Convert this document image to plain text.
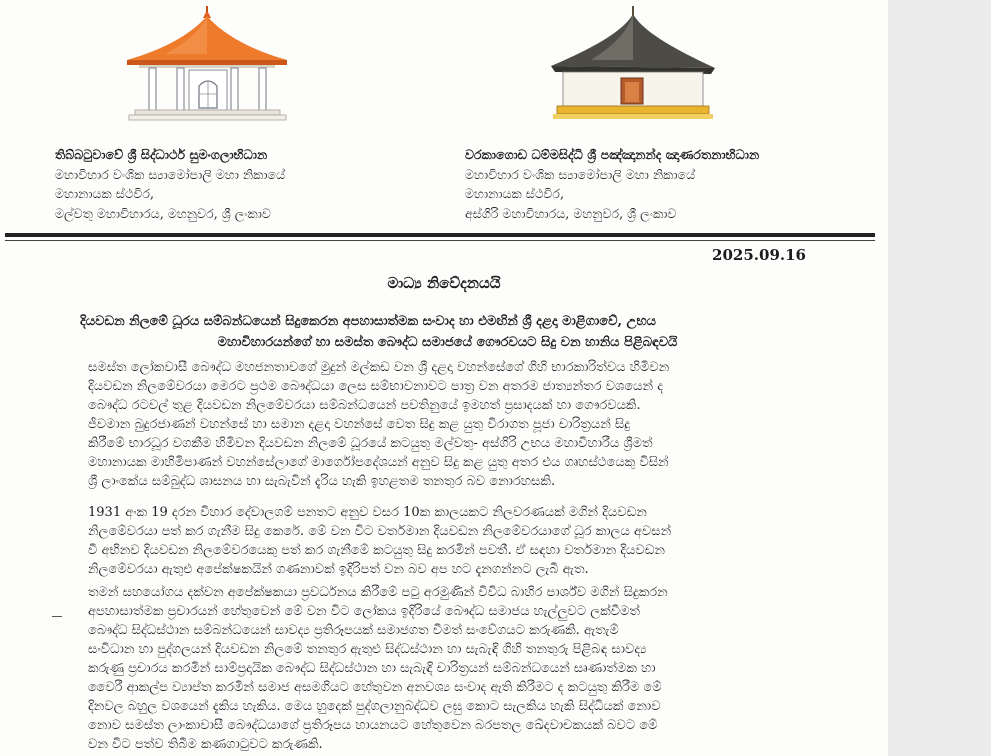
තිබ්බටුවාවේ ශ්‍රී සිද්ධාර්ථ සුමංගලාභිධාන
මහාවිහාර වංශික ස්‍යාමෝපාලි මහා නිකායේ
මහානායක ස්ථවිර,
මල්වතු මහාවිහාරය, මහනුවර, ශ්‍රී ලංකාව
වරකාගොඩ ධම්මසිද්ධි ශ්‍රී පඤ්ඤානන්ද ඤාණරතනාභිධාන
මහාවිහාර වංශික ස්‍යාමෝපාලි මහා නිකායේ
මහානායක ස්ථවිර,
අස්ගිරි මහාවිහාරය, මහනුවර, ශ්‍රී ලංකාව
2025.09.16
මාධ්‍ය නිවේදනයයි
දියවඩන නිලමේ ධූරය සම්බන්ධයෙන් සිදුකෙරන අපහාසාත්මක සංවාද හා එමඟින් ශ්‍රී දළදා මාළිගාවේ, උභය
මහාවිහාරයන්ගේ හා සමස්ත බෞද්ධ සමාජයේ ගෞරවයට සිදු වන හානිය පිළිබඳවයි
සමස්ත ලෝකවාසී බෞද්ධ මහජනතාවගේ මුදුන් මල්කඩ වන ශ්‍රී දළදා වහන්සේගේ ගිහි භාරකාරිත්වය හිමිවන
දියවඩන නිලමේවරයා මෙරට ප්‍රථම බෞද්ධයා ලෙස සම්භාවනාවට පාත්‍ර වන අතරම ජාත්‍යන්තර වශයෙන් ද
බෞද්ධ රටවල් තුළ දියවඩන නිලමේවරයා සම්බන්ධයෙන් පවතිනුයේ ඉමහත් ප්‍රසාදයක් හා ගෞරවයකි.
ජීවමාන බුදුරජාණන් වහන්සේ හා සමාන දළදා වහන්සේ වෙත සිදු කළ යුතු විරාගත පූජා චාරිත්‍රයන් සිදු
කිරීමේ භාරධූර වගකීම හිමිවන දියවඩන නිලමේ ධූරයේ කටයුතු මල්වතු- අස්ගිරි උභය මහාවිහාරීය ශ්‍රීමත්
මහානායක මාහිමිපාණන් වහන්සේලාගේ මාර්ගෝපදේශයන් අනුව සිදු කළ යුතු අතර එය ගෘහස්ථයෙකු විසින්
ශ්‍රී ලාංකේය සම්බුද්ධ ශාසනය හා සැබැවින් දැරිය හැකි ඉහළතම තනතුර බව නොරහසකි.
1931 අංක 19 දරන විහාර දේවාලගම් පනතට අනුව වසර 10ක කාලයකට නිලවරණයක් මගින් දියවඩන
නිලමේවරයා පත් කර ගැනීම සිදු කෙරේ. මේ වන විට වර්තමාන දියවඩන නිලමේවරයාගේ ධූර කාලය අවසන්
වී අභිනව දියවඩන නිලමේවරයෙකු පත් කර ගැනීමේ කටයුතු සිදු කරමින් පවතී. ඒ සඳහා වර්තමාන දියවඩන
නිලමේවරයා ඇතුළු අපේක්ෂකයින් ගණනාවක් ඉදිරිපත් වන බව අප හට දැනගන්නට ලැබී ඇත.
තමන් සහයෝගය දක්වන අපේක්ෂකයා ප්‍රවර්ධනය කිරීමේ පටු අරමුණින් විවිධ බාහිර පාර්ශ්ව මගින් සිදුකරන
අපහාසාත්මක ප්‍රචාරයන් හේතුවෙන් මේ වන විට ලෝකය ඉදිරියේ බෞද්ධ සමාජය හැල්ලුවට ලක්වීමත්
බෞද්ධ සිද්ධස්ථාන සම්බන්ධයෙන් සාවද්‍ය ප්‍රතිරූපයක් සමාජගත වීමත් සංවේගයට කරුණකි. ඇතැම්
සංවිධාන හා පුද්ගලයන් දියවඩන නිලමේ තනතුර ඇතුළු සිද්ධස්ථාන හා සැබැඳි ගිහි තනතුරු පිළිබඳ සාවද්‍ය
කරුණු ප්‍රචාරය කරමින් සාම්ප්‍රදායික බෞද්ධ සිද්ධස්ථාන හා සැබැඳි චාරිත්‍රයන් සම්බන්ධයෙන් සෘණාත්මක හා
වෛරී ආකල්ප ව්‍යාප්ත කරමින් සමාජ අසමගියට හේතුවන අනවශ්‍ය සංවාද ඇති කිරීමට ද කටයුතු කිරීම මේ
දිනවල බහුල වශයෙන් දැකිය හැකිය. මෙය හුදෙක් පුද්ගලානුබද්ධව ලඝු කොට සැලකිය හැකි සිද්ධියක් නොව
නොව සමස්ත ලාංකාවාසී බෞද්ධයාගේ ප්‍රතිරූපය හායනයට හේතුවෙන බරපතල ඛේදවාචකයක් බවට මේ
වන විට පත්ව තිබීම කණගාටුවට කරුණකි.
